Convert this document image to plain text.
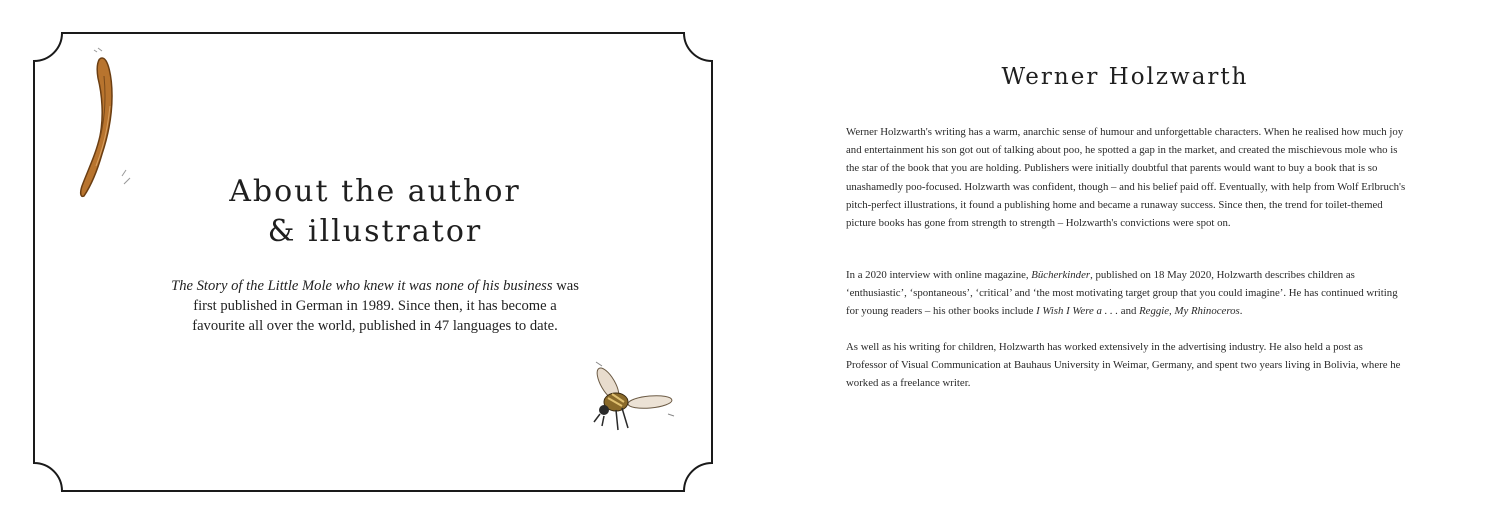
About the author
& illustrator

The Story of the Little Mole who knew it was none of his business was first published in German in 1989. Since then, it has become a favourite all over the world, published in 47 languages to date.

Werner Holzwarth

Werner Holzwarth's writing has a warm, anarchic sense of humour and unforgettable characters. When he realised how much joy and entertainment his son got out of talking about poo, he spotted a gap in the market, and created the mischievous mole who is the star of the book that you are holding. Publishers were initially doubtful that parents would want to buy a book that is so unashamedly poo-focused. Holzwarth was confident, though – and his belief paid off. Eventually, with help from Wolf Erlbruch's pitch-perfect illustrations, it found a publishing home and became a runaway success. Since then, the trend for toilet-themed picture books has gone from strength to strength – Holzwarth's convictions were spot on.

In a 2020 interview with online magazine, Bücherkinder, published on 18 May 2020, Holzwarth describes children as ‘enthusiastic’, ‘spontaneous’, ‘critical’ and ‘the most motivating target group that you could imagine’. He has continued writing for young readers – his other books include I Wish I Were a . . . and Reggie, My Rhinoceros.

As well as his writing for children, Holzwarth has worked extensively in the advertising industry. He also held a post as Professor of Visual Communication at Bauhaus University in Weimar, Germany, and spent two years living in Bolivia, where he worked as a freelance writer.
